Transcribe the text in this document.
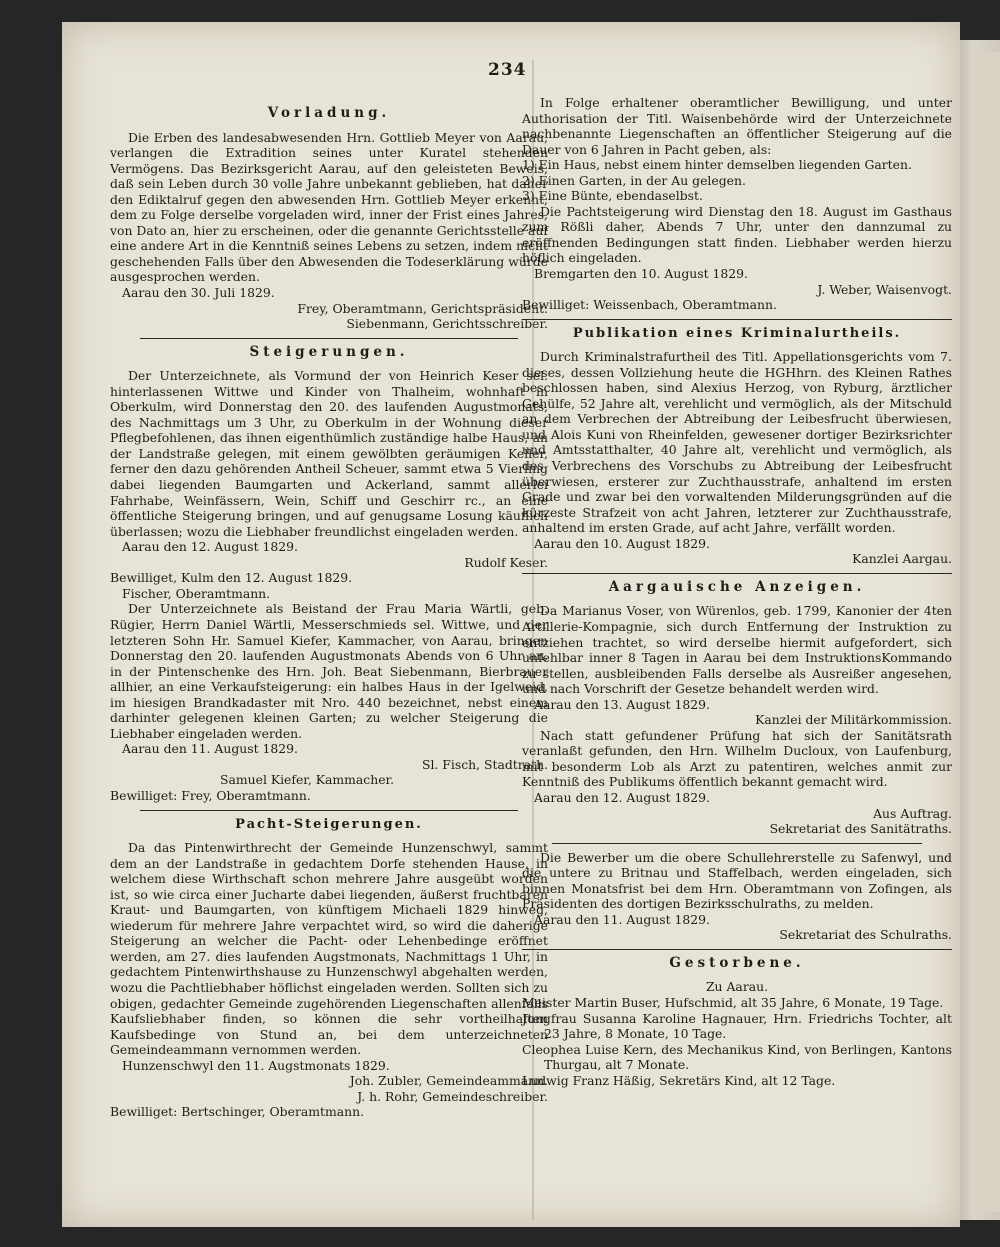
234

Vorladung.

Die Erben des landesabwesenden Hrn. Gottlieb Meyer von Aarau, verlangen die Extradition seines unter Kuratel stehenden Vermögens. Das Bezirksgericht Aarau, auf den geleisteten Beweis, daß sein Leben durch 30 volle Jahre unbekannt geblieben, hat daher den Ediktalruf gegen den abwesenden Hrn. Gottlieb Meyer erkennt, dem zu Folge derselbe vorgeladen wird, inner der Frist eines Jahres, von Dato an, hier zu erscheinen, oder die genannte Gerichtsstelle auf eine andere Art in die Kenntniß seines Lebens zu setzen, indem nicht geschehenden Falls über den Abwesenden die Todeserklärung würde ausgesprochen werden.

Aarau den 30. Juli 1829.

Frey, Oberamtmann, Gerichtspräsident.

Siebenmann, Gerichtsschreiber.

Steigerungen.

Der Unterzeichnete, als Vormund der von Heinrich Keser sel. hinterlassenen Wittwe und Kinder von Thalheim, wohnhaft in Oberkulm, wird Donnerstag den 20. des laufenden Augustmonats, des Nachmittags um 3 Uhr, zu Oberkulm in der Wohnung dieser Pflegbefohlenen, das ihnen eigenthümlich zuständige halbe Haus, an der Landstraße gelegen, mit einem gewölbten geräumigen Keller, ferner den dazu gehörenden Antheil Scheuer, sammt etwa 5 Vierling dabei liegenden Baumgarten und Ackerland, sammt allerlei Fahrhabe, Weinfässern, Wein, Schiff und Geschirr rc., an eine öffentliche Steigerung bringen, und auf genugsame Losung käuflich überlassen; wozu die Liebhaber freundlichst eingeladen werden.

Aarau den 12. August 1829.

Rudolf Keser.

Bewilliget, Kulm den 12. August 1829.

Fischer, Oberamtmann.

Der Unterzeichnete als Beistand der Frau Maria Wärtli, geb. Rügier, Herrn Daniel Wärtli, Messerschmieds sel. Wittwe, und der letzteren Sohn Hr. Samuel Kiefer, Kammacher, von Aarau, bringen Donnerstag den 20. laufenden Augustmonats Abends von 6 Uhr an, in der Pintenschenke des Hrn. Joh. Beat Siebenmann, Bierbrauer allhier, an eine Verkaufsteigerung: ein halbes Haus in der Igelweid, im hiesigen Brandkadaster mit Nro. 440 bezeichnet, nebst einem darhinter gelegenen kleinen Garten; zu welcher Steigerung die Liebhaber eingeladen werden.

Aarau den 11. August 1829.

Sl. Fisch, Stadtrath.

Samuel Kiefer, Kammacher.

Bewilliget: Frey, Oberamtmann.

Pacht-Steigerungen.

Da das Pintenwirthrecht der Gemeinde Hunzenschwyl, sammt dem an der Landstraße in gedachtem Dorfe stehenden Hause, in welchem diese Wirthschaft schon mehrere Jahre ausgeübt worden ist, so wie circa einer Jucharte dabei liegenden, äußerst fruchtbaren Kraut- und Baumgarten, von künftigem Michaeli 1829 hinweg, wiederum für mehrere Jahre verpachtet wird, so wird die daherige Steigerung an welcher die Pacht- oder Lehenbedinge eröffnet werden, am 27. dies laufenden Augstmonats, Nachmittags 1 Uhr, in gedachtem Pintenwirthshause zu Hunzenschwyl abgehalten werden, wozu die Pachtliebhaber höflichst eingeladen werden. Sollten sich zu obigen, gedachter Gemeinde zugehörenden Liegenschaften allenfalls Kaufsliebhaber finden, so können die sehr vortheilhaften Kaufsbedinge von Stund an, bei dem unterzeichneten Gemeindeammann vernommen werden.

Hunzenschwyl den 11. Augstmonats 1829.

Joh. Zubler, Gemeindeammann.

J. h. Rohr, Gemeindeschreiber.

Bewilliget: Bertschinger, Oberamtmann.

In Folge erhaltener oberamtlicher Bewilligung, und unter Authorisation der Titl. Waisenbehörde wird der Unterzeichnete nachbenannte Liegenschaften an öffentlicher Steigerung auf die Dauer von 6 Jahren in Pacht geben, als:

1) Ein Haus, nebst einem hinter demselben liegenden Garten.

2) Einen Garten, in der Au gelegen.

3) Eine Bünte, ebendaselbst.

Die Pachtsteigerung wird Dienstag den 18. August im Gasthaus zum Rößli daher, Abends 7 Uhr, unter den dannzumal zu eröffnenden Bedingungen statt finden. Liebhaber werden hierzu höflich eingeladen.

Bremgarten den 10. August 1829.

J. Weber, Waisenvogt.

Bewilliget: Weissenbach, Oberamtmann.

Publikation eines Kriminalurtheils.

Durch Kriminalstrafurtheil des Titl. Appellationsgerichts vom 7. dieses, dessen Vollziehung heute die HGHhrn. des Kleinen Rathes beschlossen haben, sind Alexius Herzog, von Ryburg, ärztlicher Gehülfe, 52 Jahre alt, verehlicht und vermöglich, als der Mitschuld an dem Verbrechen der Abtreibung der Leibesfrucht überwiesen, und Alois Kuni von Rheinfelden, gewesener dortiger Bezirksrichter und Amtsstatthalter, 40 Jahre alt, verehlicht und vermöglich, als des Verbrechens des Vorschubs zu Abtreibung der Leibesfrucht überwiesen, ersterer zur Zuchthausstrafe, anhaltend im ersten Grade und zwar bei den vorwaltenden Milderungsgründen auf die kürzeste Strafzeit von acht Jahren, letzterer zur Zuchthausstrafe, anhaltend im ersten Grade, auf acht Jahre, verfällt worden.

Aarau den 10. August 1829.

Kanzlei Aargau.

Aargauische Anzeigen.

Da Marianus Voser, von Würenlos, geb. 1799, Kanonier der 4ten Artillerie-Kompagnie, sich durch Entfernung der Instruktion zu entziehen trachtet, so wird derselbe hiermit aufgefordert, sich unfehlbar inner 8 Tagen in Aarau bei dem InstruktionsKommando zu stellen, ausbleibenden Falls derselbe als Ausreißer angesehen, und nach Vorschrift der Gesetze behandelt werden wird.

Aarau den 13. August 1829.

Kanzlei der Militärkommission.

Nach statt gefundener Prüfung hat sich der Sanitätsrath veranlaßt gefunden, den Hrn. Wilhelm Ducloux, von Laufenburg, mit besonderm Lob als Arzt zu patentiren, welches anmit zur Kenntniß des Publikums öffentlich bekannt gemacht wird.

Aarau den 12. August 1829.

Aus Auftrag.

Sekretariat des Sanitätraths.

Die Bewerber um die obere Schullehrerstelle zu Safenwyl, und die untere zu Britnau und Staffelbach, werden eingeladen, sich binnen Monatsfrist bei dem Hrn. Oberamtmann von Zofingen, als Präsidenten des dortigen Bezirksschulraths, zu melden.

Aarau den 11. August 1829.

Sekretariat des Schulraths.

Gestorbene.

Zu Aarau.

Meister Martin Buser, Hufschmid, alt 35 Jahre, 6 Monate, 19 Tage.

Jungfrau Susanna Karoline Hagnauer, Hrn. Friedrichs Tochter, alt 23 Jahre, 8 Monate, 10 Tage.

Cleophea Luise Kern, des Mechanikus Kind, von Berlingen, Kantons Thurgau, alt 7 Monate.

Ludwig Franz Häßig, Sekretärs Kind, alt 12 Tage.
